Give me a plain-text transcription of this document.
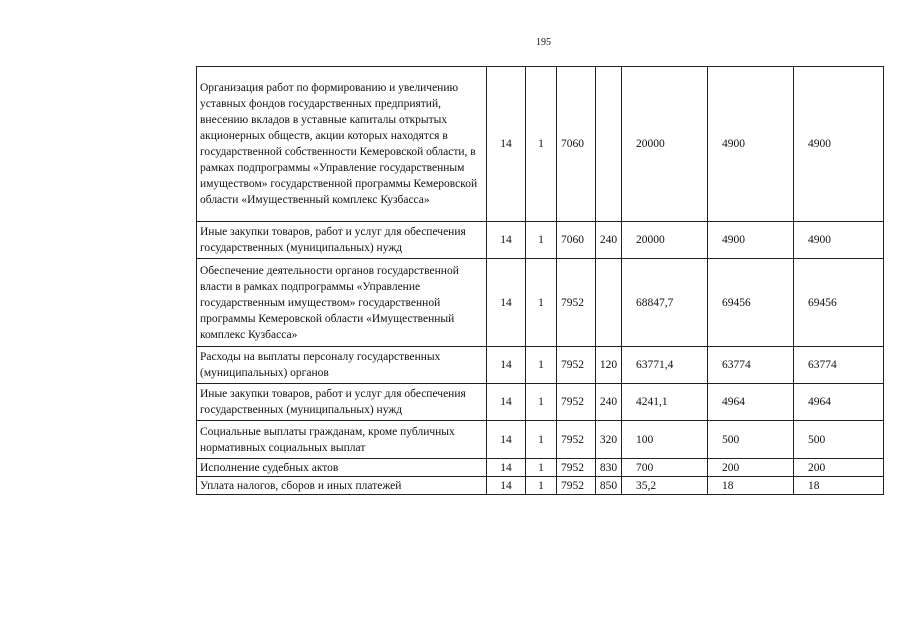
195
Организация работ по формированию и увеличению уставных фондов государственных предприятий, внесению вкладов в уставные капиталы открытых акционерных обществ, акции которых находятся в государственной собственности Кемеровской области, в рамках подпрограммы «Управление государственным имуществом» государственной программы Кемеровской области «Имущественный комплекс Кузбасса»	14	1	7060		20000	4900	4900
Иные закупки товаров, работ и услуг для обеспечения государственных (муниципальных) нужд	14	1	7060	240	20000	4900	4900
Обеспечение деятельности органов государственной власти в рамках подпрограммы «Управление государственным имуществом» государственной программы Кемеровской области «Имущественный комплекс Кузбасса»	14	1	7952		68847,7	69456	69456
Расходы на выплаты персоналу государственных (муниципальных) органов	14	1	7952	120	63771,4	63774	63774
Иные закупки товаров, работ и услуг для обеспечения государственных (муниципальных) нужд	14	1	7952	240	4241,1	4964	4964
Социальные выплаты гражданам, кроме публичных нормативных социальных выплат	14	1	7952	320	100	500	500
Исполнение судебных актов	14	1	7952	830	700	200	200
Уплата налогов, сборов и иных платежей	14	1	7952	850	35,2	18	18
